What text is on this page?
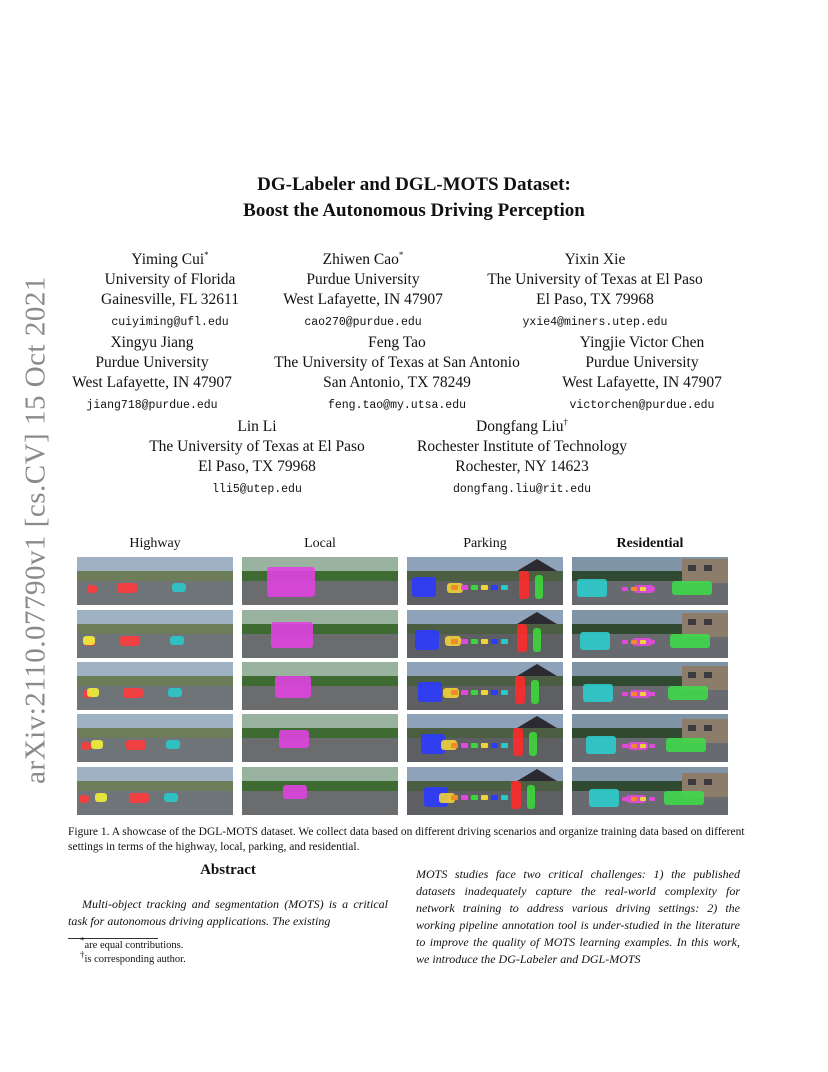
arXiv:2110.07790v1 [cs.CV] 15 Oct 2021
DG-Labeler and DGL-MOTS Dataset:
Boost the Autonomous Driving Perception
Yiming Cui*
University of Florida
Gainesville, FL 32611
cuiyiming@ufl.edu
Zhiwen Cao*
Purdue University
West Lafayette, IN 47907
cao270@purdue.edu
Yixin Xie
The University of Texas at El Paso
El Paso, TX 79968
yxie4@miners.utep.edu
Xingyu Jiang
Purdue University
West Lafayette, IN 47907
jiang718@purdue.edu
Feng Tao
The University of Texas at San Antonio
San Antonio, TX 78249
feng.tao@my.utsa.edu
Yingjie Victor Chen
Purdue University
West Lafayette, IN 47907
victorchen@purdue.edu
Lin Li
The University of Texas at El Paso
El Paso, TX 79968
lli5@utep.edu
Dongfang Liu†
Rochester Institute of Technology
Rochester, NY 14623
dongfang.liu@rit.edu
Highway	Local	Parking	Residential
Figure 1. A showcase of the DGL-MOTS dataset. We collect data based on different driving scenarios and organize training data based on different settings in terms of the highway, local, parking, and residential.
Abstract
Multi-object tracking and segmentation (MOTS) is a critical task for autonomous driving applications. The existing
MOTS studies face two critical challenges: 1) the published datasets inadequately capture the real-world complexity for network training to address various driving settings: 2) the working pipeline annotation tool is under-studied in the literature to improve the quality of MOTS learning examples. In this work, we introduce the DG-Labeler and DGL-MOTS
*are equal contributions.
†is corresponding author.
